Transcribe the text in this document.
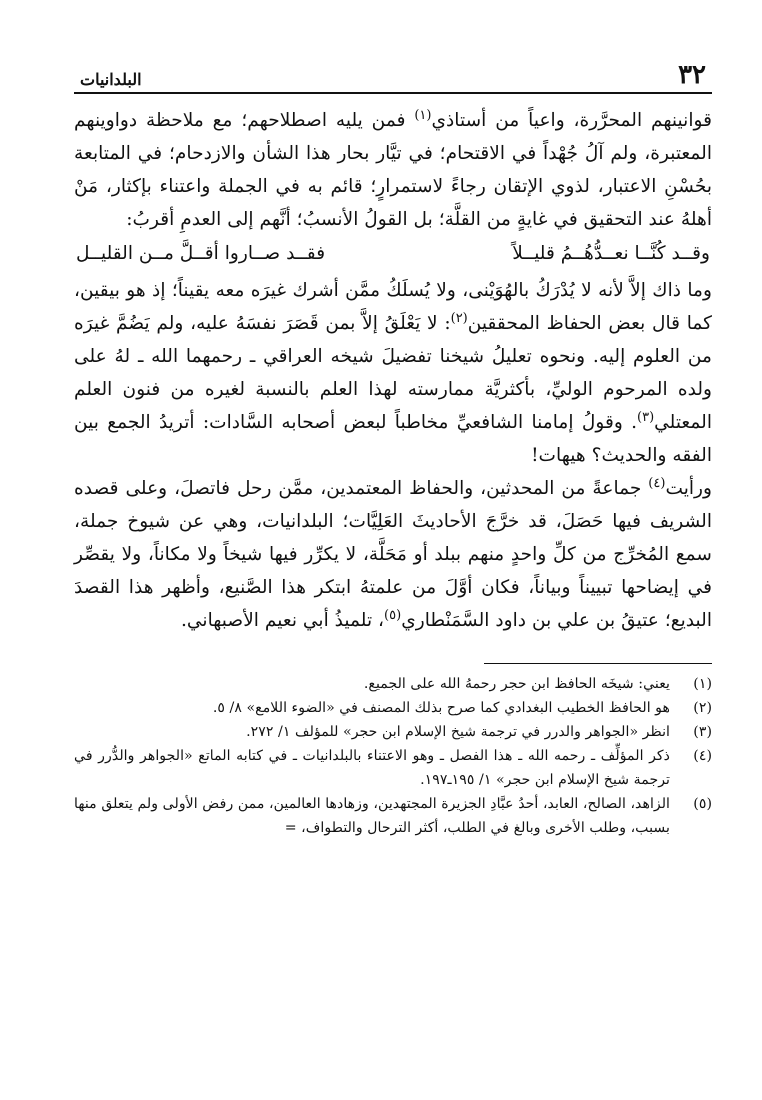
٣٢
البلدانيات

قوانينهم المحرَّرة، واعياً من أستاذي$^{(١)}$ فمن يليه اصطلاحهم؛ مع ملاحظة دواوينهم المعتبرة، ولم آلُ جُهْداً في الاقتحام؛ في تيَّار بحار هذا الشأن والازدحام؛ في المتابعة بحُسْنِ الاعتبار، لذوي الإتقان رجاءً لاستمرارٍ؛ قائم به في الجملة واعتناء بإكثار، مَنْ أهلهُ عند التحقيق في غايةٍ من القلَّة؛ بل القولُ الأنسبُ؛ أنَّهم إلى العدمِ أقربُ:

وقــد كُنَّــا نعــدُّهُــمُ قليــلاً
فقــد صــاروا أقــلَّ مــن القليــل

وما ذاك إلاَّ لأنه لا يُدْرَكُ بالهُوَيْنى، ولا يُسلَكُ ممَّن أشرك غيرَه معه يقيناً؛ إذ هو بيقين، كما قال بعض الحفاظ المحققين$^{(٢)}$: لا يَعْلَقُ إلاَّ بمن قَصَرَ نفسَهُ عليه، ولم يَضُمَّ غيرَه من العلوم إليه. ونحوه تعليلُ شيخنا تفضيلَ شيخه العراقي ـ رحمهما الله ـ لهُ على ولده المرحوم الوليِّ، بأكثريَّة ممارسته لهذا العلم بالنسبة لغيره من فنون العلم المعتلي$^{(٣)}$. وقولُ إمامنا الشافعيِّ مخاطباً لبعض أصحابه السَّادات: أتريدُ الجمع بين الفقه والحديث؟ هيهات!

ورأيت$^{(٤)}$ جماعةً من المحدثين، والحفاظ المعتمدين، ممَّن رحل فاتصلَ، وعلى قصده الشريف فيها حَصَلَ، قد خرَّجَ الأحاديثَ العَلِيَّات؛ البلدانيات، وهي عن شيوخ جملة، سمع المُخرِّج من كلِّ واحدٍ منهم ببلد أو مَحَلَّة، لا يكرِّر فيها شيخاً ولا مكاناً، ولا يقصِّر في إيضاحها تبييناً وبياناً، فكان أوَّلَ من علمتهُ ابتكر هذا الصَّنيع، وأظهر هذا القصدَ البديع؛ عتيقُ بن علي بن داود السَّمَنْطاري$^{(٥)}$، تلميذُ أبي نعيم الأصبهاني.

(١)
يعني: شيخَه الحافظ ابن حجر رحمهُ الله على الجميع.
(٢)
هو الحافظ الخطيب البغدادي كما صرح بذلك المصنف في «الضوء اللامع» ٨/ ٥.
(٣)
انظر «الجواهر والدرر في ترجمة شيخ الإسلام ابن حجر» للمؤلف ١/ ٢٧٢.
(٤)
ذكر المؤلِّف ـ رحمه الله ـ هذا الفصل ـ وهو الاعتناء بالبلدانيات ـ في كتابه الماتع «الجواهر والدُّرر في ترجمة شيخ الإسلام ابن حجر» ١/ ١٩٥ـ١٩٧.
(٥)
الزاهد، الصالح، العابد، أحدُ عبَّادِ الجزيرة المجتهدين، وزهادها العالمين، ممن رفض الأولى ولم يتعلق منها بسبب، وطلب الأخرى وبالغ في الطلب، أكثر الترحال والتطواف، =
